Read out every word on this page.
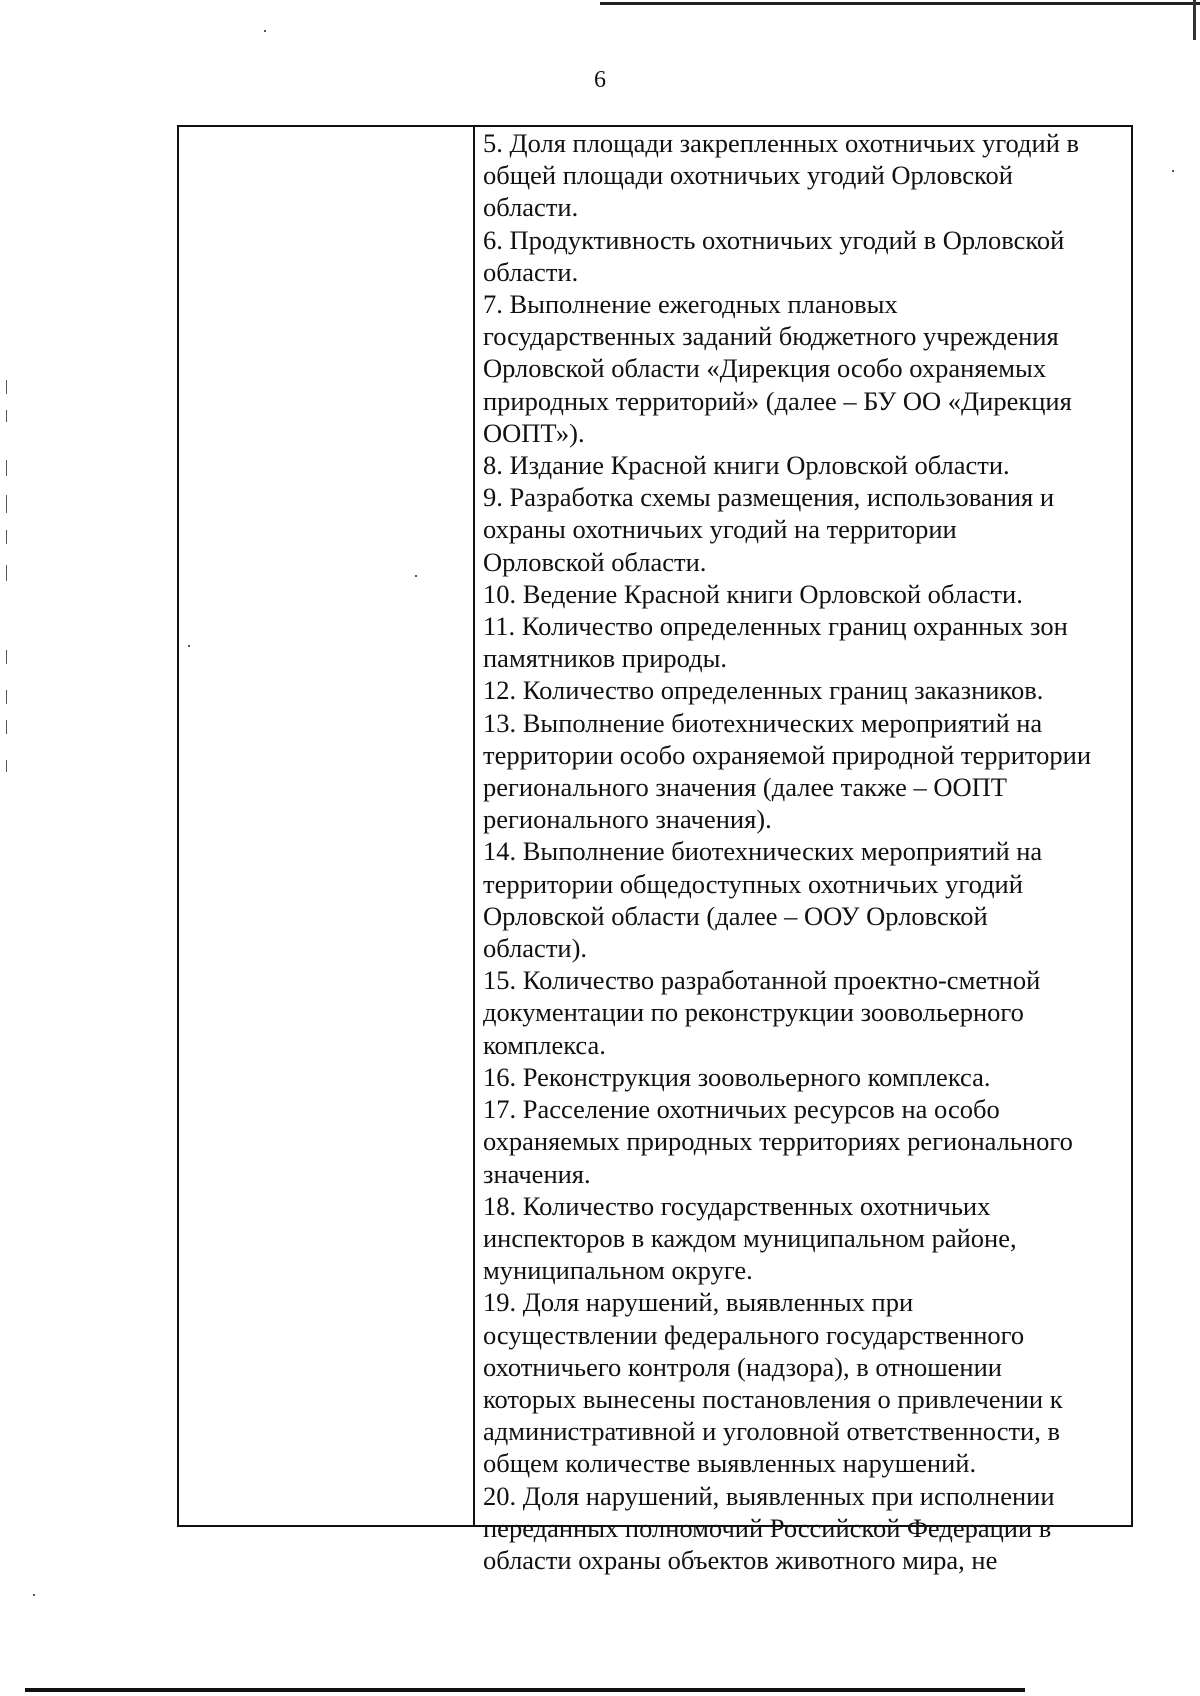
6

5. Доля площади закрепленных охотничьих угодий в
общей площади охотничьих угодий Орловской
области.

6. Продуктивность охотничьих угодий в Орловской
области.

7. Выполнение ежегодных плановых
государственных заданий бюджетного учреждения
Орловской области «Дирекция особо охраняемых
природных территорий» (далее – БУ ОО «Дирекция
ООПТ»).

8. Издание Красной книги Орловской области.

9. Разработка схемы размещения, использования и
охраны охотничьих угодий на территории
Орловской области.

10. Ведение Красной книги Орловской области.

11. Количество определенных границ охранных зон
памятников природы.

12. Количество определенных границ заказников.

13. Выполнение биотехнических мероприятий на
территории особо охраняемой природной территории
регионального значения (далее также – ООПТ
регионального значения).

14. Выполнение биотехнических мероприятий на
территории общедоступных охотничьих угодий
Орловской области (далее – ООУ Орловской
области).

15. Количество разработанной проектно-сметной
документации по реконструкции зоовольерного
комплекса.

16. Реконструкция зоовольерного комплекса.

17. Расселение охотничьих ресурсов на особо
охраняемых природных территориях регионального
значения.

18. Количество государственных охотничьих
инспекторов в каждом муниципальном районе,
муниципальном округе.

19. Доля нарушений, выявленных при
осуществлении федерального государственного
охотничьего контроля (надзора), в отношении
которых вынесены постановления о привлечении к
административной и уголовной ответственности, в
общем количестве выявленных нарушений.

20. Доля нарушений, выявленных при исполнении
переданных полномочий Российской Федерации в
области охраны объектов животного мира, не
